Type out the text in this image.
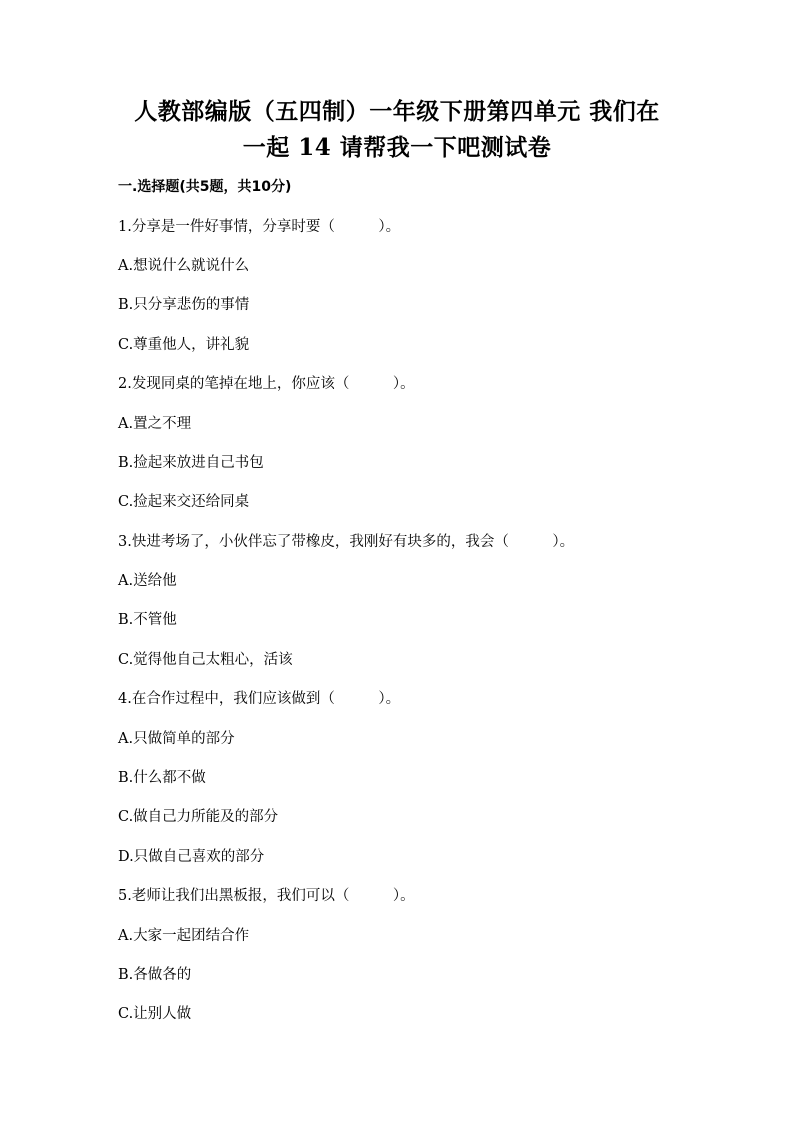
人教部编版（五四制）一年级下册第四单元 我们在
一起 14 请帮我一下吧测试卷
一.选择题(共5题，共10分)
1.分享是一件好事情，分享时要（　　　）。
A.想说什么就说什么
B.只分享悲伤的事情
C.尊重他人，讲礼貌
2.发现同桌的笔掉在地上，你应该（　　　）。
A.置之不理
B.捡起来放进自己书包
C.捡起来交还给同桌
3.快进考场了，小伙伴忘了带橡皮，我刚好有块多的，我会（　　　）。
A.送给他
B.不管他
C.觉得他自己太粗心，活该
4.在合作过程中，我们应该做到（　　　）。
A.只做简单的部分
B.什么都不做
C.做自己力所能及的部分
D.只做自己喜欢的部分
5.老师让我们出黑板报，我们可以（　　　）。
A.大家一起团结合作
B.各做各的
C.让别人做
